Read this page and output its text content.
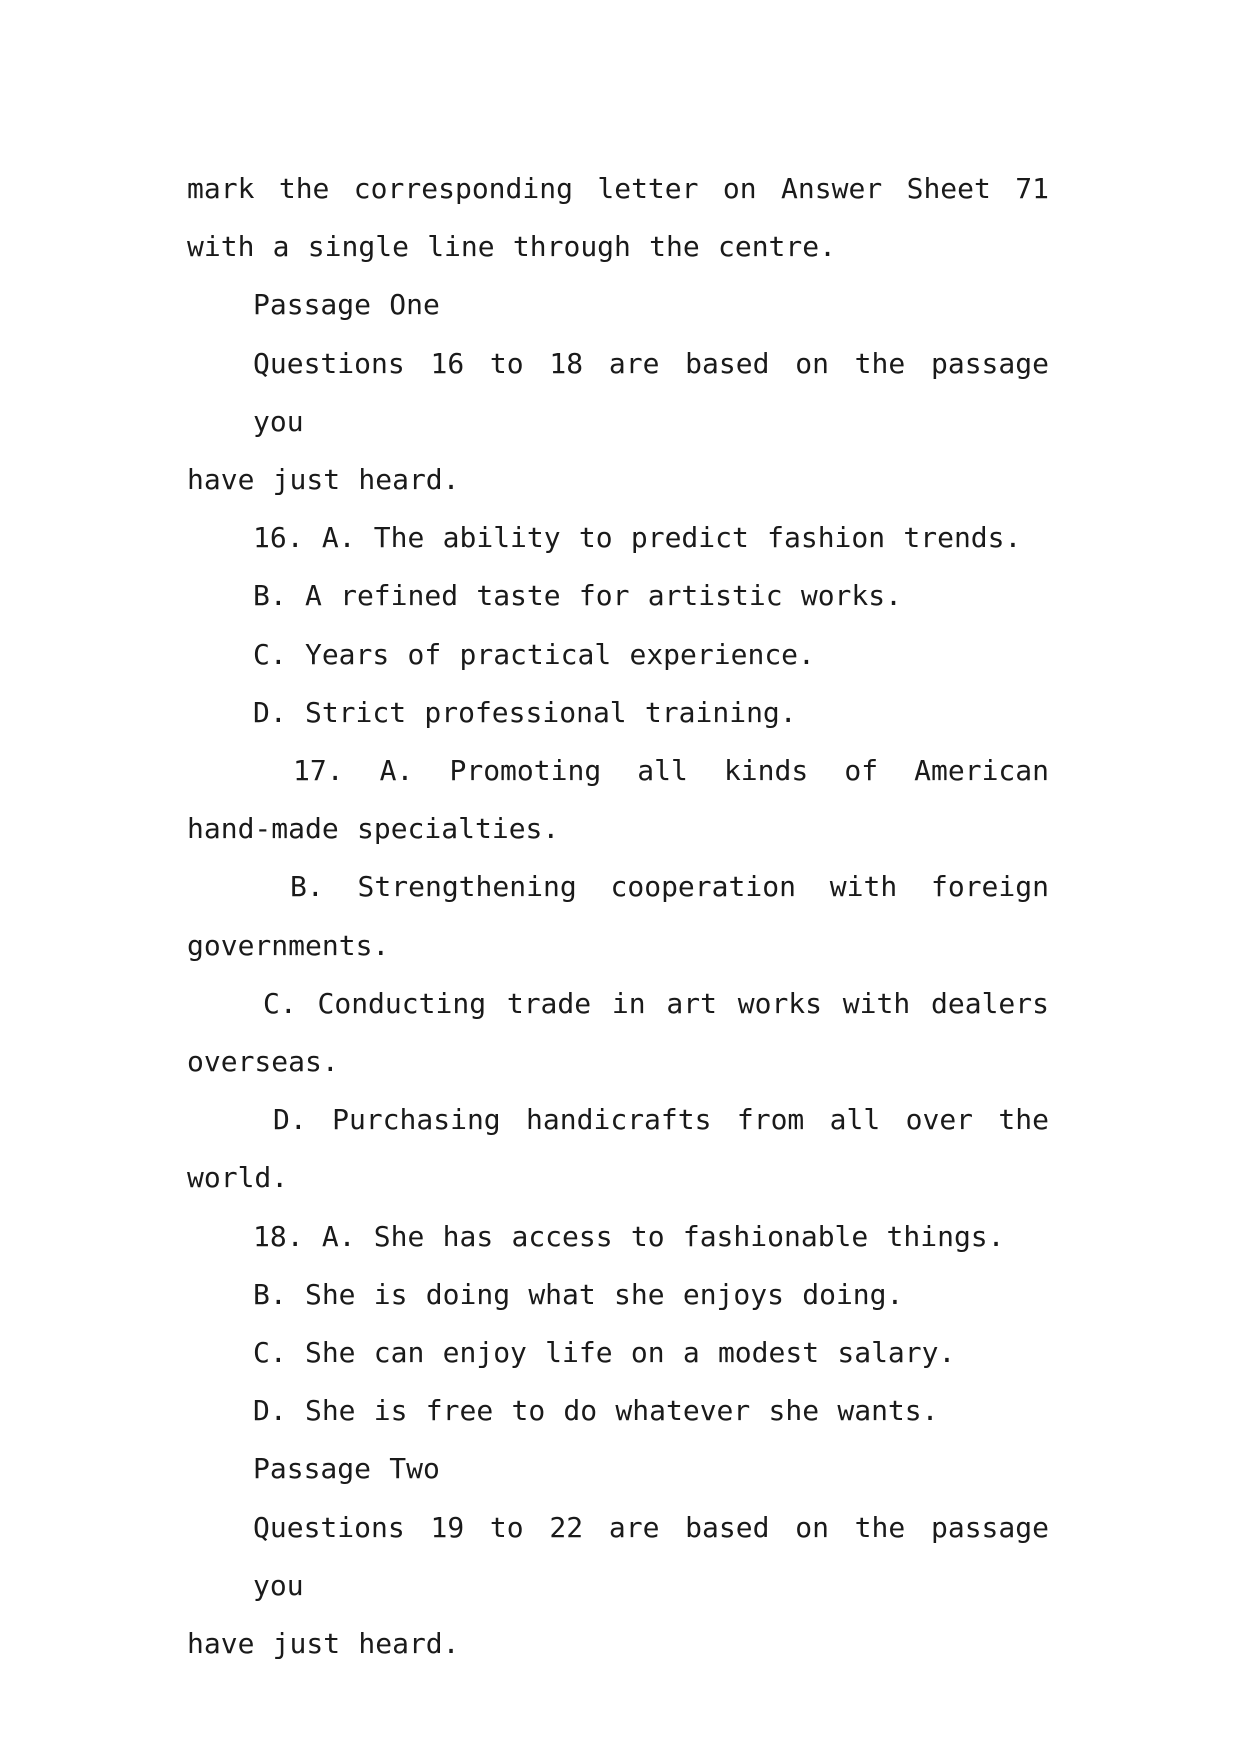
mark the corresponding letter on Answer Sheet 71
with a single line through the centre.

Passage One

Questions 16 to 18 are based on the passage you
have just heard.

16. A. The ability to predict fashion trends.

B. A refined taste for artistic works.

C. Years of practical experience.

D. Strict professional training.

17. A. Promoting all kinds of American
hand-made specialties.

B. Strengthening cooperation with foreign
governments.

C. Conducting trade in art works with dealers
overseas.

D. Purchasing handicrafts from all over the
world.

18. A. She has access to fashionable things.

B. She is doing what she enjoys doing.

C. She can enjoy life on a modest salary.

D. She is free to do whatever she wants.

Passage Two

Questions 19 to 22 are based on the passage you
have just heard.
